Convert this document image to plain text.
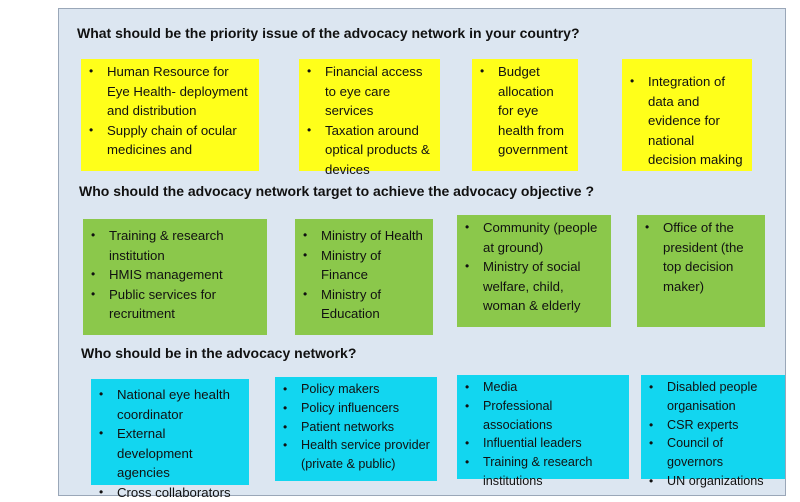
What should be the priority issue of the advocacy network in your country?
• Human Resource for Eye Health- deployment and distribution
• Supply chain of ocular medicines and
• Financial access to eye care services
• Taxation around optical products & devices
• Budget allocation for eye health from government
• Integration of data and evidence for national decision making
Who should the advocacy network target to achieve the advocacy objective ?
• Training & research institution
• HMIS management
• Public services for recruitment
• Ministry of Health
• Ministry of Finance
• Ministry of Education
• Community (people at ground)
• Ministry of social welfare, child, woman & elderly
• Office of the president (the top decision maker)
Who should be in the advocacy network?
• National eye health coordinator
• External development agencies
• Cross collaborators
• Policy makers
• Policy influencers
• Patient networks
• Health service provider (private & public)
• Media
• Professional associations
• Influential leaders
• Training & research institutions
• Disabled people organisation
• CSR experts
• Council of governors
• UN organizations
